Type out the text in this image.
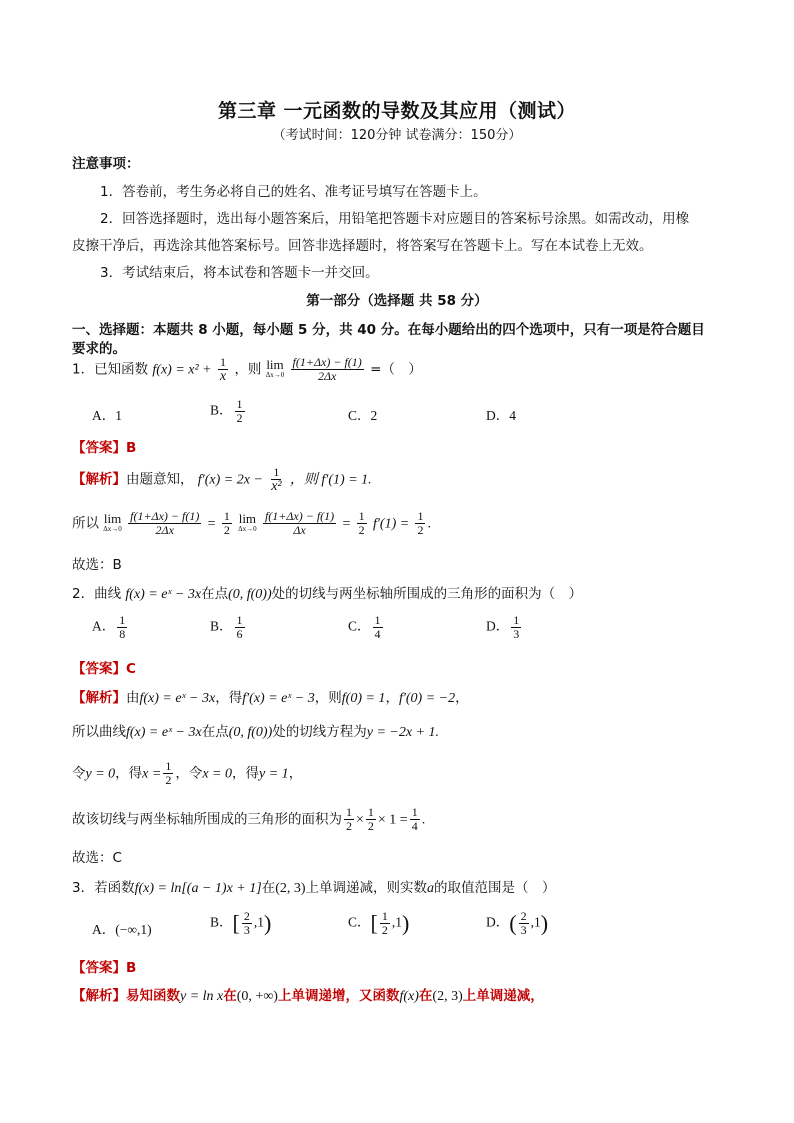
第三章 一元函数的导数及其应用（测试）
（考试时间：120分钟 试卷满分：150分）
注意事项：
1．答卷前，考生务必将自己的姓名、准考证号填写在答题卡上。
2．回答选择题时，选出每小题答案后，用铅笔把答题卡对应题目的答案标号涂黑。如需改动，用橡
皮擦干净后，再选涂其他答案标号。回答非选择题时，将答案写在答题卡上。写在本试卷上无效。
3．考试结束后，将本试卷和答题卡一并交回。
第一部分（选择题 共 58 分）
一、选择题：本题共 8 小题，每小题 5 分，共 40 分。在每小题给出的四个选项中，只有一项是符合题目
要求的。
1．已知函数 $f(x) = x^2 + \frac{1}{x}$ ，则 lim
Δx→0
$\frac{f(1+\Delta x) - f(1)}{2\Delta x}$ =（　）
A．1	B． $\frac{1}{2}$	C．2	D．4
【答案】B
【解析】由题意知， $f'(x) = 2x - \frac{1}{\text{x²}}$ ，则 f′(1) = 1.
所以 lim
Δx→0
$\frac{f(1+\Delta x) - f(1)}{2\Delta x} = \frac{1}{2}$
lim
Δx→0
$\frac{f(1+\Delta x) - f(1)}{\Delta x} = \frac{1}{2} f'(1) = \frac{1}{2}$ .
故选：B
2．曲线 f(x) = eˣ − 3x在点(0, f(0))处的切线与两坐标轴所围成的三角形的面积为（　）
A． $\frac{1}{8}$	B． $\frac{1}{6}$	C． $\frac{1}{4}$	D． $\frac{1}{3}$
【答案】C
【解析】由f(x) = eˣ − 3x，得f′(x) = eˣ − 3，则f(0) = 1，f′(0) = −2，
所以曲线f(x) = eˣ − 3x在点(0, f(0))处的切线方程为y = −2x + 1.
令y = 0，得$x = \frac{1}{2}$ ，令x = 0，得y = 1，
故该切线与两坐标轴所围成的三角形的面积为 $\frac{1}{2} \times \frac{1}{2} \times 1 = \frac{1}{4}$ .
故选：C
3．若函数f(x) = ln[(a − 1)x + 1]在(2, 3)上单调递减，则实数a的取值范围是（　）
A．(−∞,1)	B．[ $\frac{2}{3} ,1$)	C．[ $\frac{1}{2} ,1$)	D．( $\frac{2}{3} ,1$)
【答案】B
【解析】易知函数y = ln x在(0, +∞)上单调递增，又函数f(x)在(2, 3)上单调递减，
